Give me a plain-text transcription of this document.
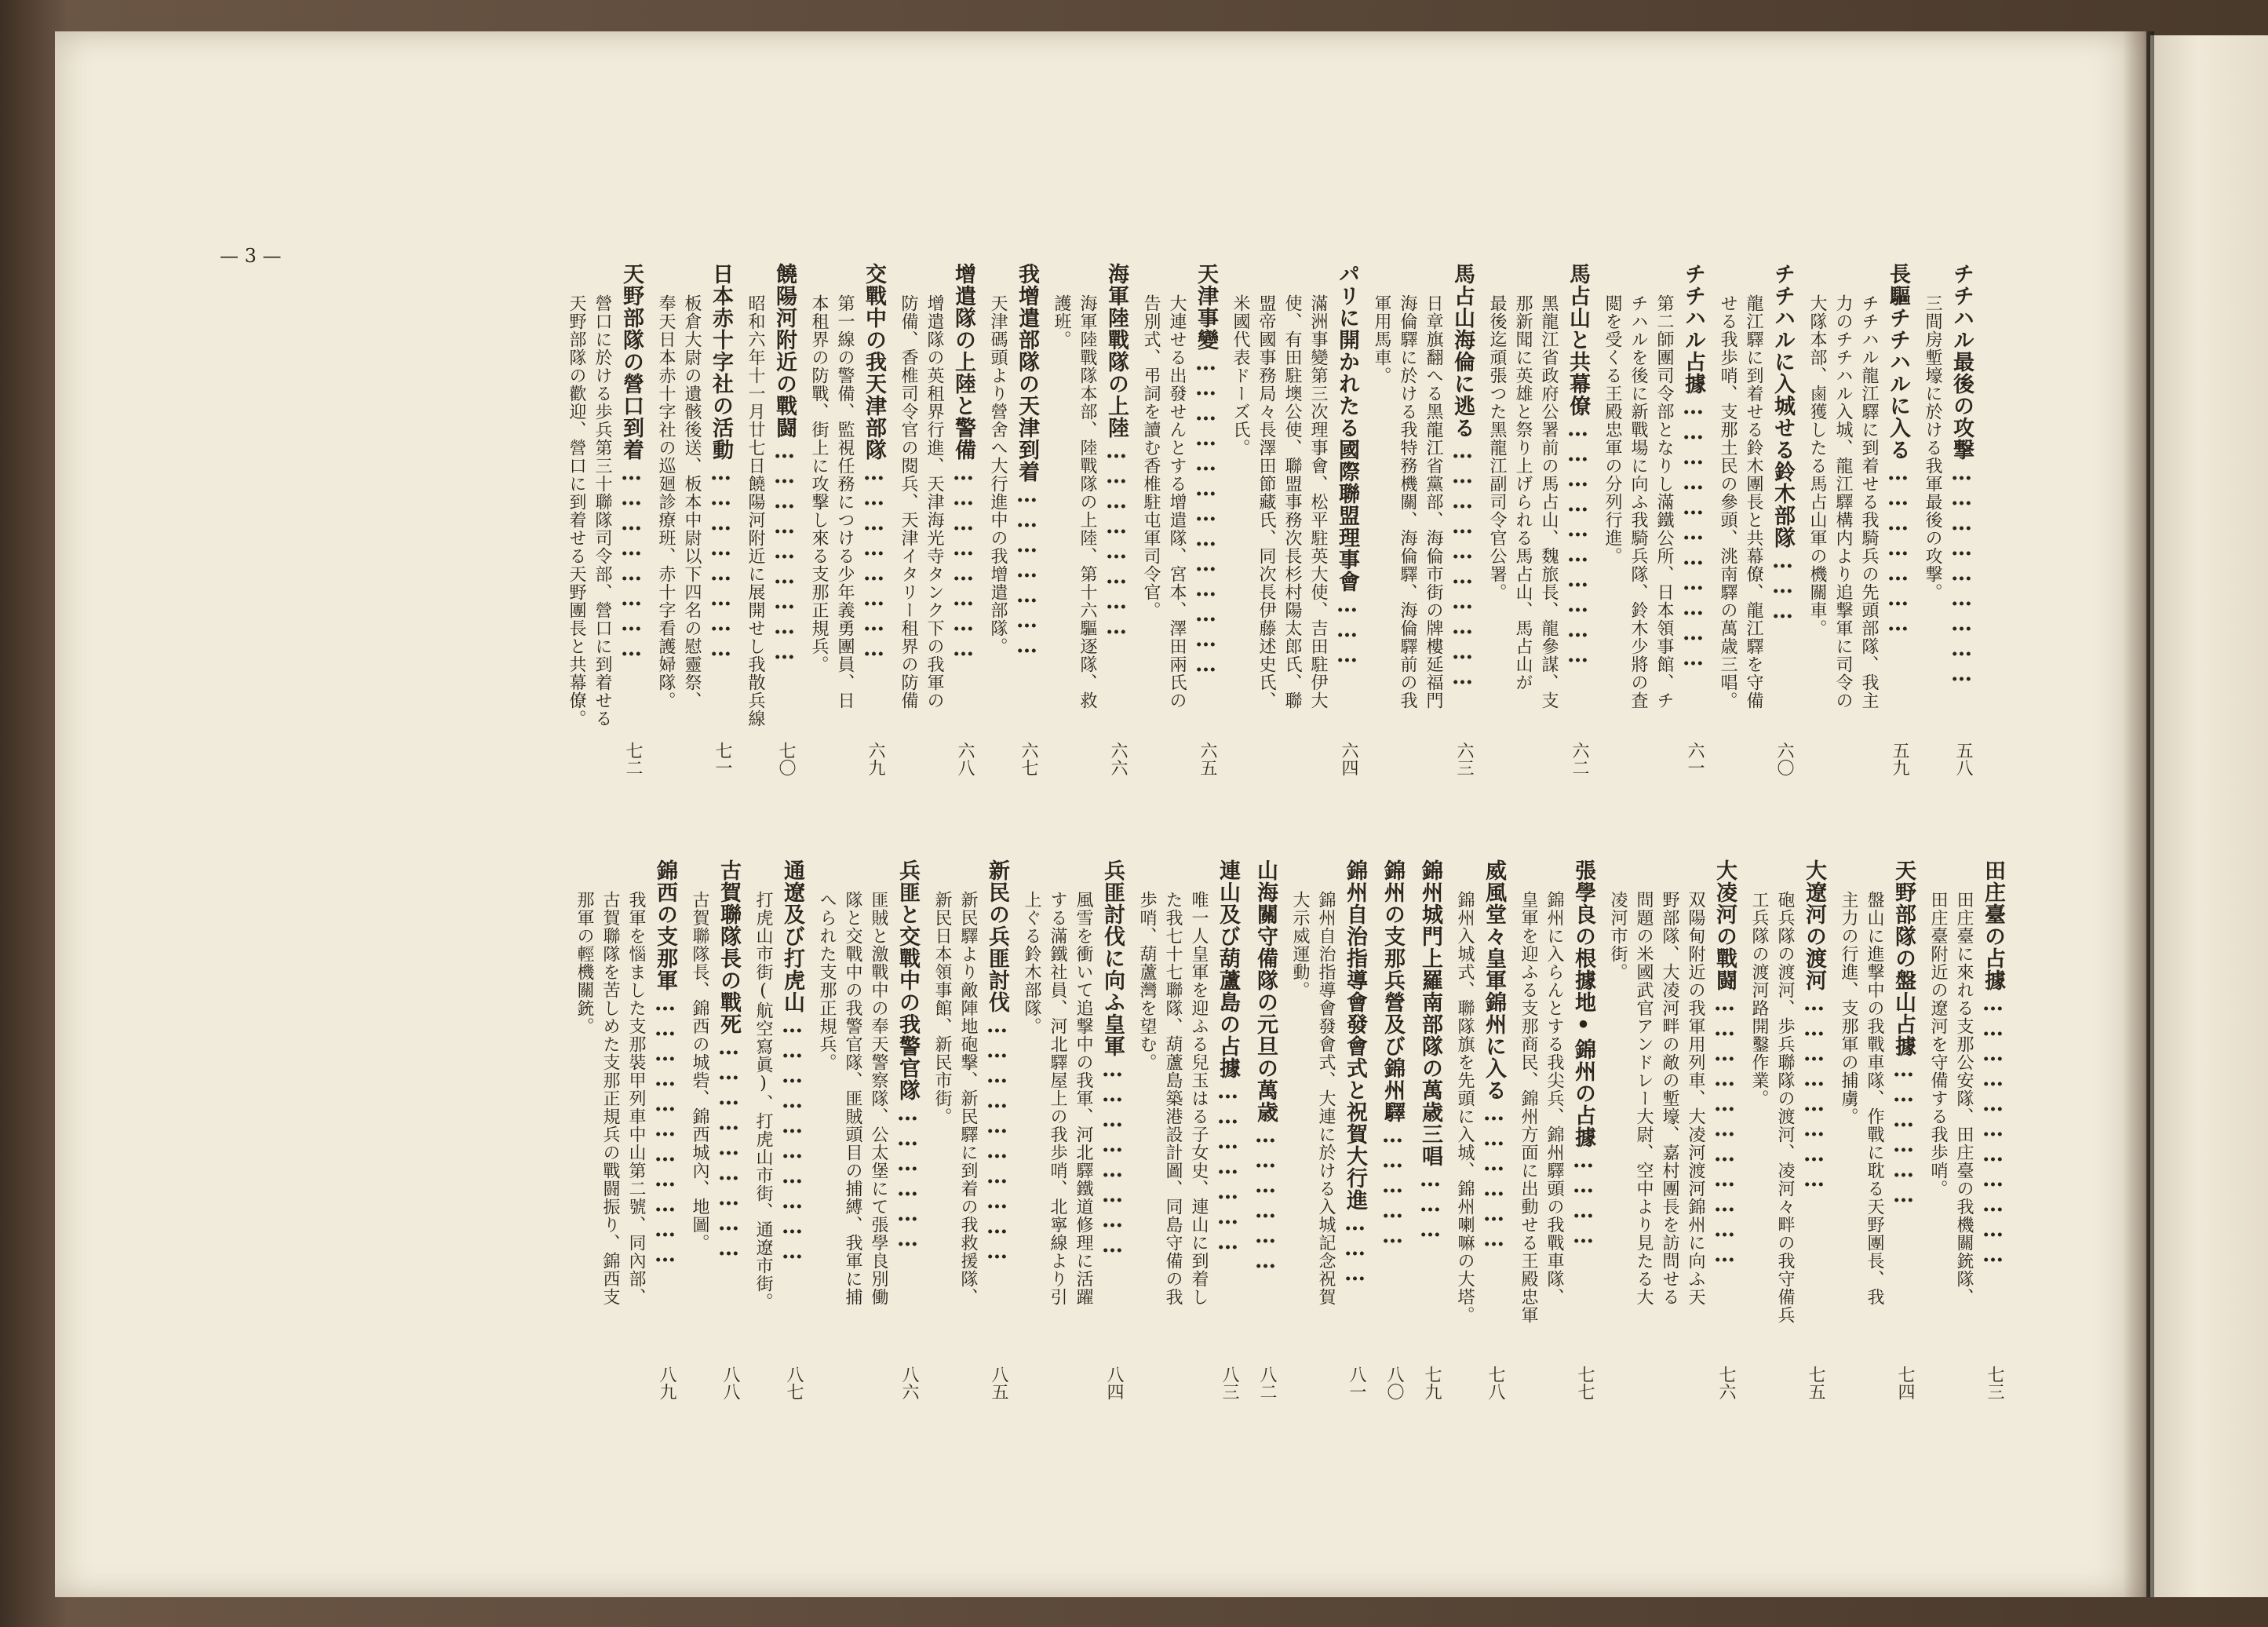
— 3 —
チチハル最後の攻撃………………………
五八
三間房塹壕に於ける我軍最後の攻撃。
長驅チチハルに入る…………………
五九
チチハル龍江驛に到着せる我騎兵の先頭部隊、我主
力のチチハル入城、龍江驛構内より追撃軍に司令の
大隊本部、鹵獲したる馬占山軍の機關車。
チチハルに入城せる鈴木部隊………
六〇
龍江驛に到着せる鈴木團長と共幕僚、龍江驛を守備
せる我歩哨、支那土民の參頭、洮南驛の萬歳三唱。
チチハル占據……………………………
六一
第二師團司令部となりし滿鐵公所、日本領事館、チ
チハルを後に新戰場に向ふ我騎兵隊、鈴木少將の査
閲を受くる王殿忠軍の分列行進。
馬占山と共幕僚…………………………
六二
黑龍江省政府公署前の馬占山、魏旅長、龍參謀、支
那新聞に英雄と祭り上げられる馬占山、馬占山が
最後迄頑張つた黑龍江副司令官公署。
馬占山海倫に逃る…………………………
六三
日章旗翻へる黑龍江省黨部、海倫市街の牌樓延福門
海倫驛に於ける我特務機關、海倫驛、海倫驛前の我
軍用馬車。
パリに開かれたる國際聯盟理事會………
六四
滿洲事變第三次理事會、松平駐英大使、吉田駐伊大
使、有田駐墺公使、聯盟事務次長杉村陽太郎氏、聯
盟帝國事務局々長澤田節藏氏、同次長伊藤述史氏、
米國代表ドーズ氏。
天津事變…………………………………
六五
大連せる出發せんとする增遣隊、宮本、澤田兩氏の
告別式、弔詞を讀む香椎駐屯軍司令官。
海軍陸戰隊の上陸……………………
六六
海軍陸戰隊本部、陸戰隊の上陸、第十六驅逐隊、救
護班。
我增遣部隊の天津到着…………………
六七
天津碼頭より營舍へ大行進中の我增遣部隊。
增遣隊の上陸と警備……………………
六八
增遣隊の英租界行進、天津海光寺タンク下の我軍の
防備、香椎司令官の閱兵、天津イタリー租界の防備
交戰中の我天津部隊……………………
六九
第一線の警備、監視任務につける少年義勇團員、日
本租界の防戰、街上に攻撃し來る支那正規兵。
饒陽河附近の戰闘………………………
七〇
昭和六年十一月廿七日饒陽河附近に展開せし我散兵線
日本赤十字社の活動……………………
七一
板倉大尉の遺骸後送、板本中尉以下四名の慰靈祭、
奉天日本赤十字社の巡廻診療班、赤十字看護婦隊。
天野部隊の營口到着……………………
七二
營口に於ける歩兵第三十聯隊司令部、營口に到着せる
天野部隊の歡迎、營口に到着せる天野團長と共幕僚。
田庄臺の占據……………………………
七三
田庄臺に來れる支那公安隊、田庄臺の我機關銃隊、
田庄臺附近の遼河を守備する我歩哨。
天野部隊の盤山占據………………
七四
盤山に進撃中の我戰車隊、作戰に耽る天野團長、我
主力の行進、支那軍の捕虜。
大遼河の渡河……………………
七五
砲兵隊の渡河、歩兵聯隊の渡河、凌河々畔の我守備兵
工兵隊の渡河路開鑿作業。
大凌河の戰闘……………………………
七六
双陽甸附近の我軍用列車、大凌河渡河錦州に向ふ天
野部隊、大凌河畔の敵の塹壕、嘉村團長を訪問せる
問題の米國武官アンドレー大尉、空中より見たる大
凌河市街。
張學良の根據地•錦州の占據…………
七七
錦州に入らんとする我尖兵、錦州驛頭の我戰車隊、
皇軍を迎ふる支那商民、錦州方面に出動せる王殿忠軍
威風堂々皇軍錦州に入る………………
七八
錦州入城式、聯隊旗を先頭に入城、錦州喇嘛の大塔。
錦州城門上羅南部隊の萬歳三唱………
七九
錦州の支那兵營及び錦州驛……………
八〇
錦州自治指導會發會式と祝賀大行進………
八一
錦州自治指導會發會式、大連に於ける入城記念祝賀
大示威運動。
山海關守備隊の元旦の萬歳………………
八二
連山及び葫蘆島の占據…………………
八三
唯一人皇軍を迎ふる兒玉はる子女史、連山に到着し
た我七十七聯隊、葫蘆島築港設計圖、同島守備の我
歩哨、葫蘆灣を望む。
兵匪討伐に向ふ皇軍……………………
八四
風雪を衝いて追撃中の我軍、河北驛鐵道修理に活躍
する滿鐵社員、河北驛屋上の我歩哨、北寧線より引
上ぐる鈴木部隊。
新民の兵匪討伐…………………………
八五
新民驛より敵陣地砲撃、新民驛に到着の我救援隊、
新民日本領事館、新民市街。
兵匪と交戰中の我警官隊………………
八六
匪賊と激戰中の奉天警察隊、公太堡にて張學良別働
隊と交戰中の我警官隊、匪賊頭目の捕縛、我軍に捕
へられた支那正規兵。
通遼及び打虎山…………………………
八七
打虎山市街(航空寫眞)、打虎山市街、通遼市街。
古賀聯隊長の戰死………………………
八八
古賀聯隊長、錦西の城砦、錦西城內、地圖。
錦西の支那軍……………………………
八九
我軍を惱ました支那裝甲列車中山第二號、同內部、
古賀聯隊を苦しめた支那正規兵の戰闘振り、錦西支
那軍の輕機關銃。
